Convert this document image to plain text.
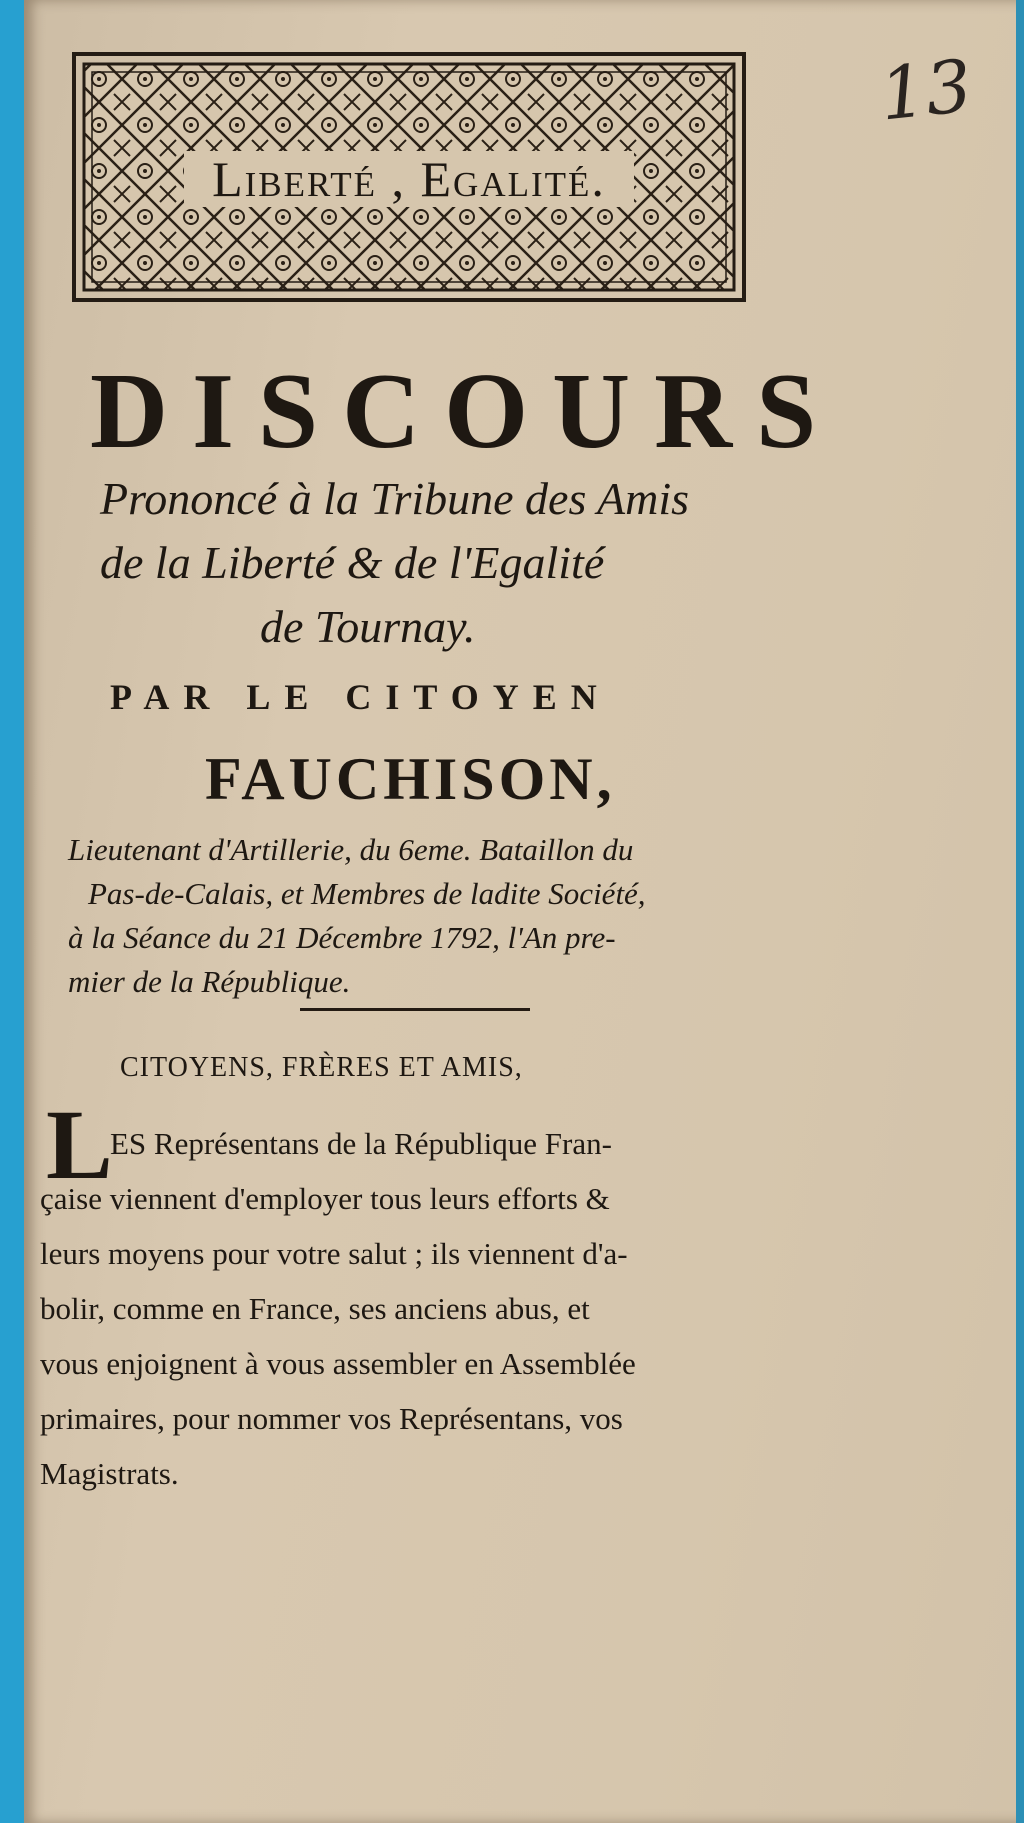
13
Liberté , Egalité.
DISCOURS
Prononcé à la Tribune des Amis
de la Liberté & de l'Egalité
de Tournay.
PAR LE CITOYEN
FAUCHISON,
Lieutenant d'Artillerie, du 6eme. Bataillon du
Pas-de-Calais, et Membres de ladite Société,
à la Séance du 21 Décembre 1792, l'An pre-
mier de la République.
CITOYENS, FRÈRES ET AMIS,
L
ES Représentans de la République Fran-
çaise viennent d'employer tous leurs efforts &
leurs moyens pour votre salut ; ils viennent d'a-
bolir, comme en France, ses anciens abus, et
vous enjoignent à vous assembler en Assemblée
primaires, pour nommer vos Représentans, vos
Magistrats.
